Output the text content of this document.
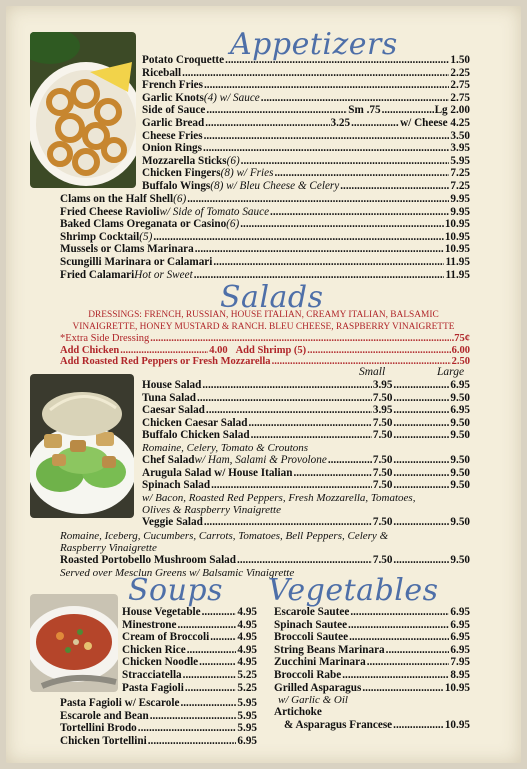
Appetizers
Potato Croquette .....	1.50
Riceball .....	2.25
French Fries .....	2.75
Garlic Knots (4) w/ Sauce .....	2.75
Side of Sauce .....	Sm .75 .....	Lg 2.00
Garlic Bread .....	3.25 .....	w/ Cheese 4.25
Cheese Fries .....	3.50
Onion Rings .....	3.95
Mozzarella Sticks (6) .....	5.95
Chicken Fingers (8) w/ Fries .....	7.25
Buffalo Wings (8) w/ Bleu Cheese & Celery .....	7.25
Clams on the Half Shell (6) .....	9.95
Fried Cheese Ravioli w/ Side of Tomato Sauce .....	9.95
Baked Clams Oreganata or Casino (6) .....	10.95
Shrimp Cocktail (5) .....	10.95
Mussels or Clams Marinara .....	10.95
Scungilli Marinara or Calamari .....	11.95
Fried Calamari Hot or Sweet .....	11.95
Salads
DRESSINGS: FRENCH, RUSSIAN, HOUSE ITALIAN, CREAMY ITALIAN, BALSAMIC
VINAIGRETTE, HONEY MUSTARD & RANCH. BLEU CHEESE, RASPBERRY VINAIGRETTE
*Extra Side Dressing .....	.75¢
Add Chicken .....	4.00 Add Shrimp (5) .....	6.00
Add Roasted Red Peppers or Fresh Mozzarella .....	2.50
Small	Large
House Salad .....	3.95 .....	6.95
Tuna Salad .....	7.50 .....	9.50
Caesar Salad .....	3.95 .....	6.95
Chicken Caesar Salad .....	7.50 .....	9.50
Buffalo Chicken Salad .....	7.50 .....	9.50
Romaine, Celery, Tomato & Croutons
Chef Salad w/ Ham, Salami & Provolone .....	7.50 .....	9.50
Arugula Salad w/ House Italian .....	7.50 .....	9.50
Spinach Salad .....	7.50 .....	9.50
w/ Bacon, Roasted Red Peppers, Fresh Mozzarella, Tomatoes,
Olives & Raspberry Vinaigrette
Veggie Salad .....	7.50 .....	9.50
Romaine, Iceberg, Cucumbers, Carrots, Tomatoes, Bell Peppers, Celery &
Raspberry Vinaigrette
Roasted Portobello Mushroom Salad .....	7.50 .....	9.50
Served over Mesclun Greens w/ Balsamic Vinaigrette
Soups
House Vegetable .....	4.95
Minestrone .....	4.95
Cream of Broccoli .....	4.95
Chicken Rice .....	4.95
Chicken Noodle .....	4.95
Stracciatella .....	5.25
Pasta Fagioli .....	5.25
Pasta Fagioli w/ Escarole .....	5.95
Escarole and Bean .....	5.95
Tortellini Brodo .....	5.95
Chicken Tortellini .....	6.95
Vegetables
Escarole Sautee .....	6.95
Spinach Sautee .....	6.95
Broccoli Sautee .....	6.95
String Beans Marinara .....	6.95
Zucchini Marinara .....	7.95
Broccoli Rabe .....	8.95
Grilled Asparagus .....	10.95
w/ Garlic & Oil
Artichoke
& Asparagus Francese .....	10.95
